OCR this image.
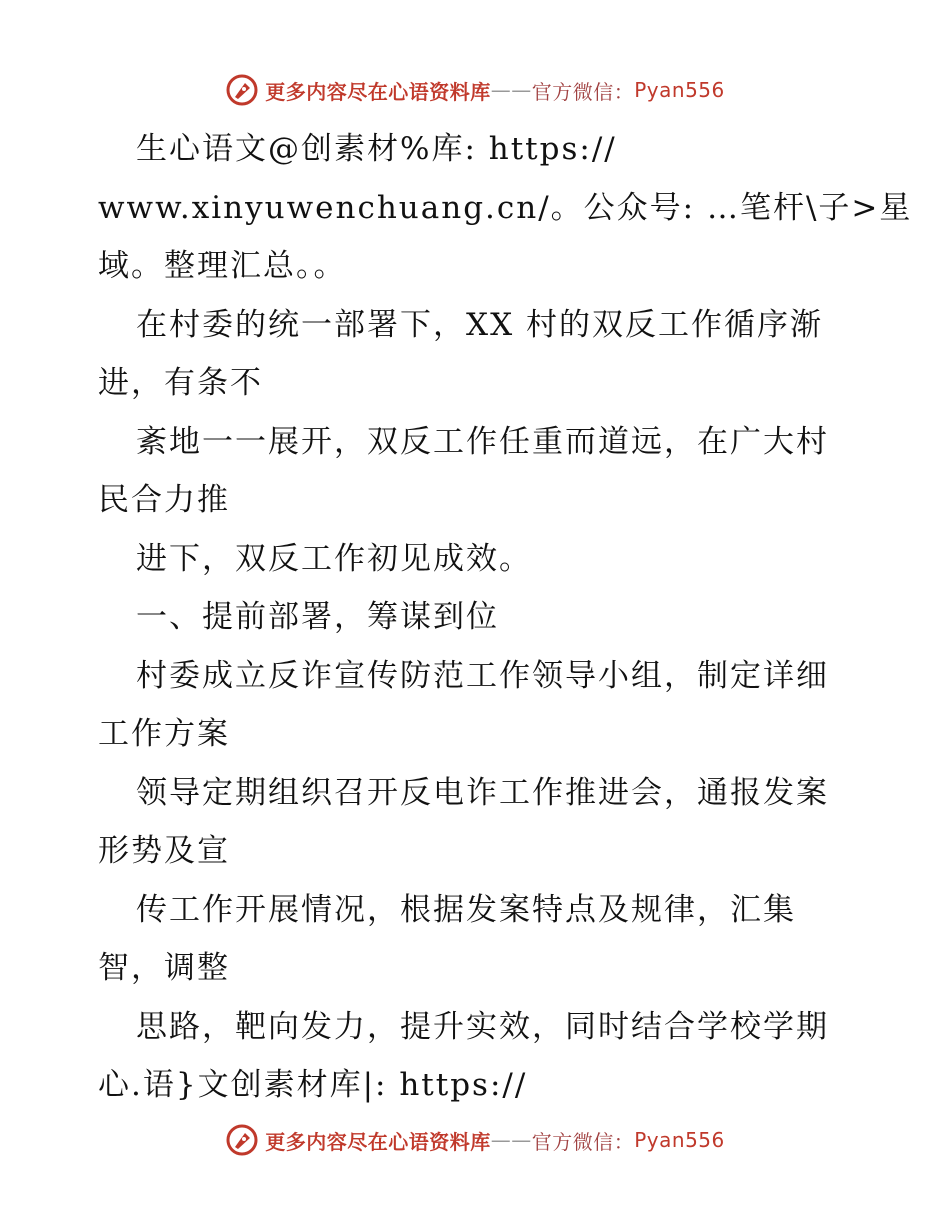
更多内容尽在心语资料库 —— 官方微信： Pyan556
生心语文@创素材%库: https://
www.xinyuwenchuang.cn/。公众号: …笔杆\子>星
域。整理汇总。。
在村委的统一部署下，XX 村的双反工作循序渐
进，有条不
紊地一一展开，双反工作任重而道远，在广大村
民合力推
进下，双反工作初见成效。
一、提前部署，筹谋到位
村委成立反诈宣传防范工作领导小组，制定详细
工作方案
领导定期组织召开反电诈工作推进会，通报发案
形势及宣
传工作开展情况，根据发案特点及规律，汇集
智，调整
思路，靶向发力，提升实效，同时结合学校学期
心.语}文创素材库|: https://
更多内容尽在心语资料库 —— 官方微信： Pyan556
